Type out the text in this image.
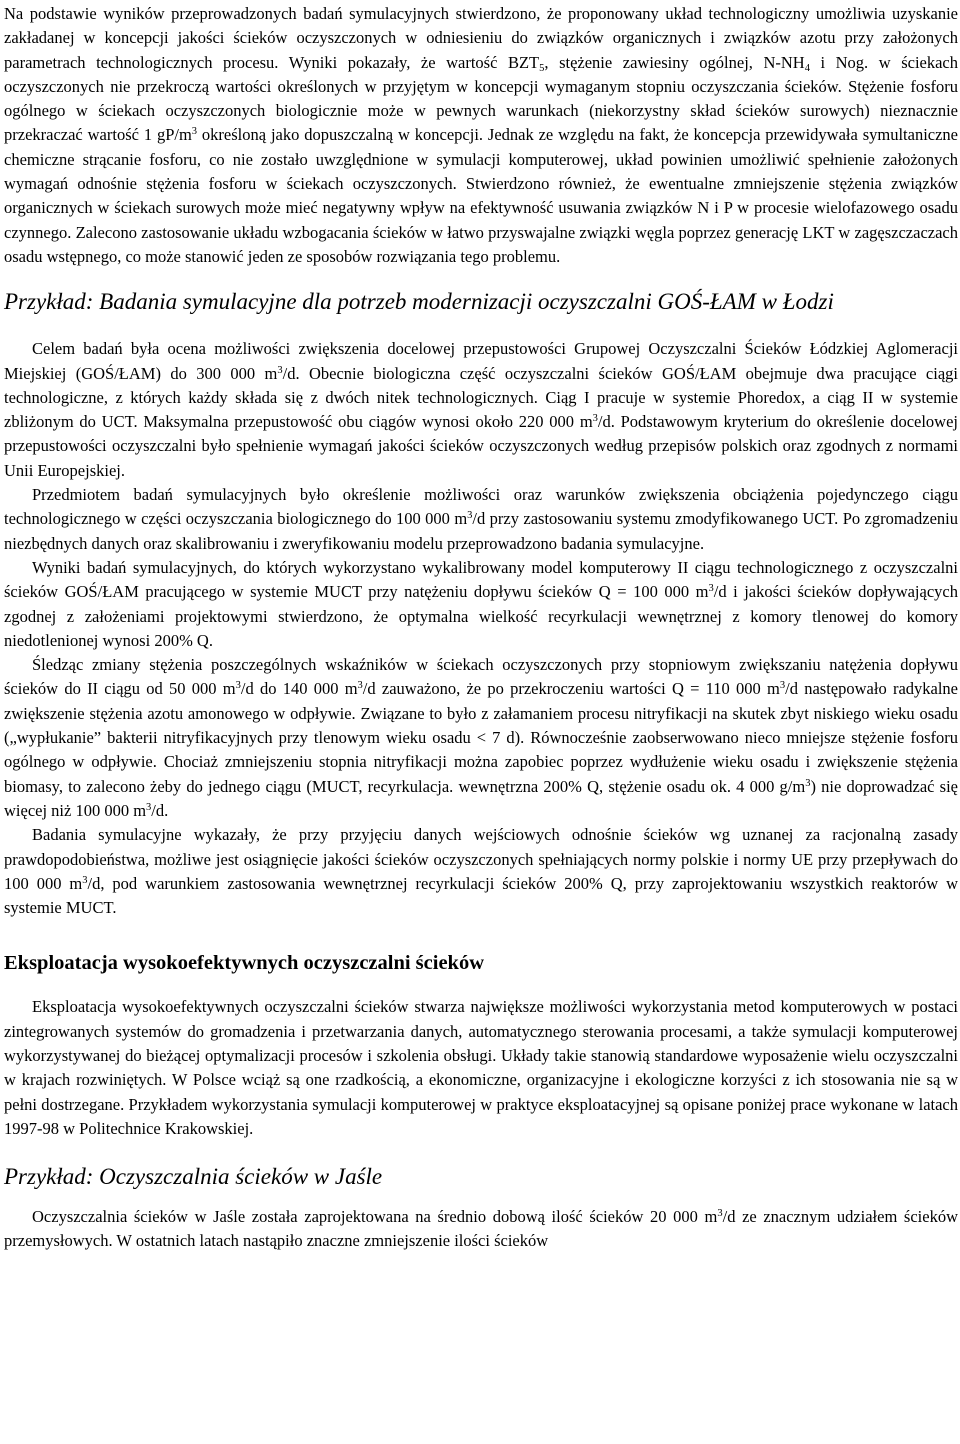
Na podstawie wyników przeprowadzonych badań symulacyjnych stwierdzono, że proponowany układ technologiczny umożliwia uzyskanie zakładanej w koncepcji jakości ścieków oczyszczonych w odniesieniu do związków organicznych i związków azotu przy założonych parametrach technologicznych procesu. Wyniki pokazały, że wartość $BZT_5$, stężenie zawiesiny ogólnej, $N-NH_4$ i Nog. w ściekach oczyszczonych nie przekroczą wartości określonych w przyjętym w koncepcji wymaganym stopniu oczyszczania ścieków. Stężenie fosforu ogólnego w ściekach oczyszczonych biologicznie może w pewnych warunkach (niekorzystny skład ścieków surowych) nieznacznie przekraczać wartość 1 $gP/m^3$ określoną jako dopuszczalną w koncepcji. Jednak ze względu na fakt, że koncepcja przewidywała symultaniczne chemiczne strącanie fosforu, co nie zostało uwzględnione w symulacji komputerowej, układ powinien umożliwić spełnienie założonych wymagań odnośnie stężenia fosforu w ściekach oczyszczonych. Stwierdzono również, że ewentualne zmniejszenie stężenia związków organicznych w ściekach surowych może mieć negatywny wpływ na efektywność usuwania związków N i P w procesie wielofazowego osadu czynnego. Zalecono zastosowanie układu wzbogacania ścieków w łatwo przyswajalne związki węgla poprzez generację LKT w zagęszczaczach osadu wstępnego, co może stanowić jeden ze sposobów rozwiązania tego problemu.

Przykład: Badania symulacyjne dla potrzeb modernizacji oczyszczalni GOŚ-ŁAM w Łodzi

Celem badań była ocena możliwości zwiększenia docelowej przepustowości Grupowej Oczyszczalni Ścieków Łódzkiej Aglomeracji Miejskiej (GOŚ/ŁAM) do 300 000 $m^3/d$. Obecnie biologiczna część oczyszczalni ścieków GOŚ/ŁAM obejmuje dwa pracujące ciągi technologiczne, z których każdy składa się z dwóch nitek technologicznych. Ciąg I pracuje w systemie Phoredox, a ciąg II w systemie zbliżonym do UCT. Maksymalna przepustowość obu ciągów wynosi około 220 000 $m^3/d$. Podstawowym kryterium do określenie docelowej przepustowości oczyszczalni było spełnienie wymagań jakości ścieków oczyszczonych według przepisów polskich oraz zgodnych z normami Unii Europejskiej.

Przedmiotem badań symulacyjnych było określenie możliwości oraz warunków zwiększenia obciążenia pojedynczego ciągu technologicznego w części oczyszczania biologicznego do 100 000 $m^3/d$ przy zastosowaniu systemu zmodyfikowanego UCT. Po zgromadzeniu niezbędnych danych oraz skalibrowaniu i zweryfikowaniu modelu przeprowadzono badania symulacyjne.

Wyniki badań symulacyjnych, do których wykorzystano wykalibrowany model komputerowy II ciągu technologicznego z oczyszczalni ścieków GOŚ/ŁAM pracującego w systemie MUCT przy natężeniu dopływu ścieków Q = 100 000 $m^3/d$ i jakości ścieków dopływających zgodnej z założeniami projektowymi stwierdzono, że optymalna wielkość recyrkulacji wewnętrznej z komory tlenowej do komory niedotlenionej wynosi 200% Q.

Śledząc zmiany stężenia poszczególnych wskaźników w ściekach oczyszczonych przy stopniowym zwiększaniu natężenia dopływu ścieków do II ciągu od 50 000 $m^3/d$ do 140 000 $m^3/d$ zauważono, że po przekroczeniu wartości Q = 110 000 $m^3/d$ następowało radykalne zwiększenie stężenia azotu amonowego w odpływie. Związane to było z załamaniem procesu nitryfikacji na skutek zbyt niskiego wieku osadu („wypłukanie” bakterii nitryfikacyjnych przy tlenowym wieku osadu < 7 d). Równocześnie zaobserwowano nieco mniejsze stężenie fosforu ogólnego w odpływie. Chociaż zmniejszeniu stopnia nitryfikacji można zapobiec poprzez wydłużenie wieku osadu i zwiększenie stężenia biomasy, to zalecono żeby do jednego ciągu (MUCT, recyrkulacja. wewnętrzna 200% Q, stężenie osadu ok. 4 000 $g/m^3$) nie doprowadzać się więcej niż 100 000 $m^3/d$.

Badania symulacyjne wykazały, że przy przyjęciu danych wejściowych odnośnie ścieków wg uznanej za racjonalną zasady prawdopodobieństwa, możliwe jest osiągnięcie jakości ścieków oczyszczonych spełniających normy polskie i normy UE przy przepływach do 100 000 $m^3/d$, pod warunkiem zastosowania wewnętrznej recyrkulacji ścieków 200% Q, przy zaprojektowaniu wszystkich reaktorów w systemie MUCT.

Eksploatacja wysokoefektywnych oczyszczalni ścieków

Eksploatacja wysokoefektywnych oczyszczalni ścieków stwarza największe możliwości wykorzystania metod komputerowych w postaci zintegrowanych systemów do gromadzenia i przetwarzania danych, automatycznego sterowania procesami, a także symulacji komputerowej wykorzystywanej do bieżącej optymalizacji procesów i szkolenia obsługi. Układy takie stanowią standardowe wyposażenie wielu oczyszczalni w krajach rozwiniętych. W Polsce wciąż są one rzadkością, a ekonomiczne, organizacyjne i ekologiczne korzyści z ich stosowania nie są w pełni dostrzegane. Przykładem wykorzystania symulacji komputerowej w praktyce eksploatacyjnej są opisane poniżej prace wykonane w latach 1997-98 w Politechnice Krakowskiej.

Przykład: Oczyszczalnia ścieków w Jaśle

Oczyszczalnia ścieków w Jaśle została zaprojektowana na średnio dobową ilość ścieków 20 000 $m^3/d$ ze znacznym udziałem ścieków przemysłowych. W ostatnich latach nastąpiło znaczne zmniejszenie ilości ścieków
